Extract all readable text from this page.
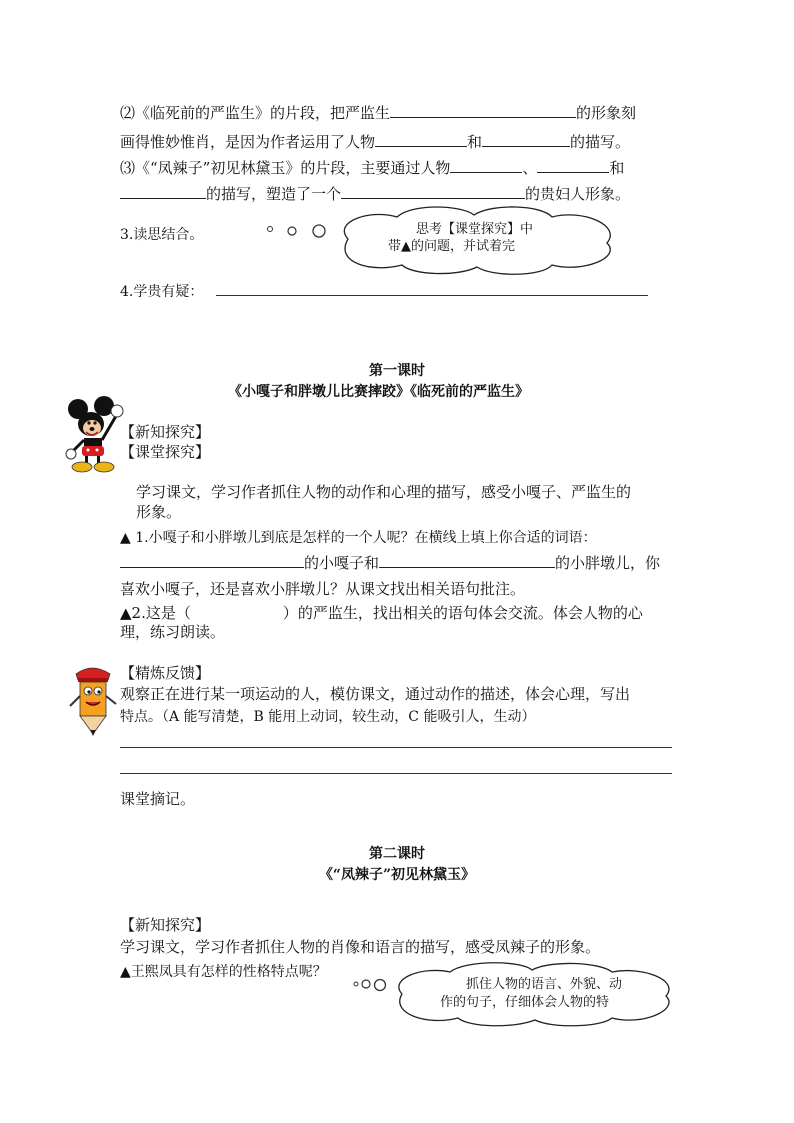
⑵《临死前的严监生》的片段，把严监生	的形象刻
画得惟妙惟肖，是因为作者运用了人物	和	的描写。
⑶《“凤辣子”初见林黛玉》的片段，主要通过人物	、	和
的描写，塑造了一个	的贵妇人形象。
3.读思结合。	思考【课堂探究】中
带▲的问题，并试着完
4.学贵有疑：
第一课时
《小嘎子和胖墩儿比赛摔跤》《临死前的严监生》
【新知探究】
【课堂探究】
学习课文，学习作者抓住人物的动作和心理的描写，感受小嘎子、严监生的
形象。
▲ 1.小嘎子和小胖墩儿到底是怎样的一个人呢？在横线上填上你合适的词语：
的小嘎子和	的小胖墩儿，你
喜欢小嘎子，还是喜欢小胖墩儿？从课文找出相关语句批注。
▲2.这是（	）的严监生，找出相关的语句体会交流。体会人物的心
理，练习朗读。
【精炼反馈】
观察正在进行某一项运动的人，模仿课文，通过动作的描述，体会心理，写出
特点。（A 能写清楚，B 能用上动词，较生动，C 能吸引人，生动）
课堂摘记。
第二课时
《“凤辣子”初见林黛玉》
【新知探究】
学习课文，学习作者抓住人物的肖像和语言的描写，感受凤辣子的形象。
▲王熙凤具有怎样的性格特点呢？
抓住人物的语言、外貌、动
作的句子，仔细体会人物的特
